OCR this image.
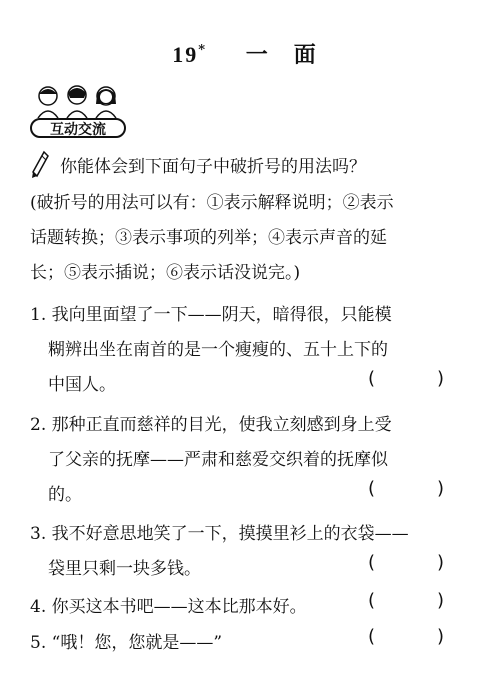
19* 一　面
互动交流
你能体会到下面句子中破折号的用法吗？
(破折号的用法可以有：①表示解释说明；②表示
话题转换；③表示事项的列举；④表示声音的延
长；⑤表示插说；⑥表示话没说完。)
1. 我向里面望了一下——阴天，暗得很，只能模
糊辨出坐在南首的是一个瘦瘦的、五十上下的
中国人。	(	)
2. 那种正直而慈祥的目光，使我立刻感到身上受
了父亲的抚摩——严肃和慈爱交织着的抚摩似
的。	(	)
3. 我不好意思地笑了一下，摸摸里衫上的衣袋——
袋里只剩一块多钱。	(	)
4. 你买这本书吧——这本比那本好。	(	)
5. “哦！您，您就是——”	(	)
